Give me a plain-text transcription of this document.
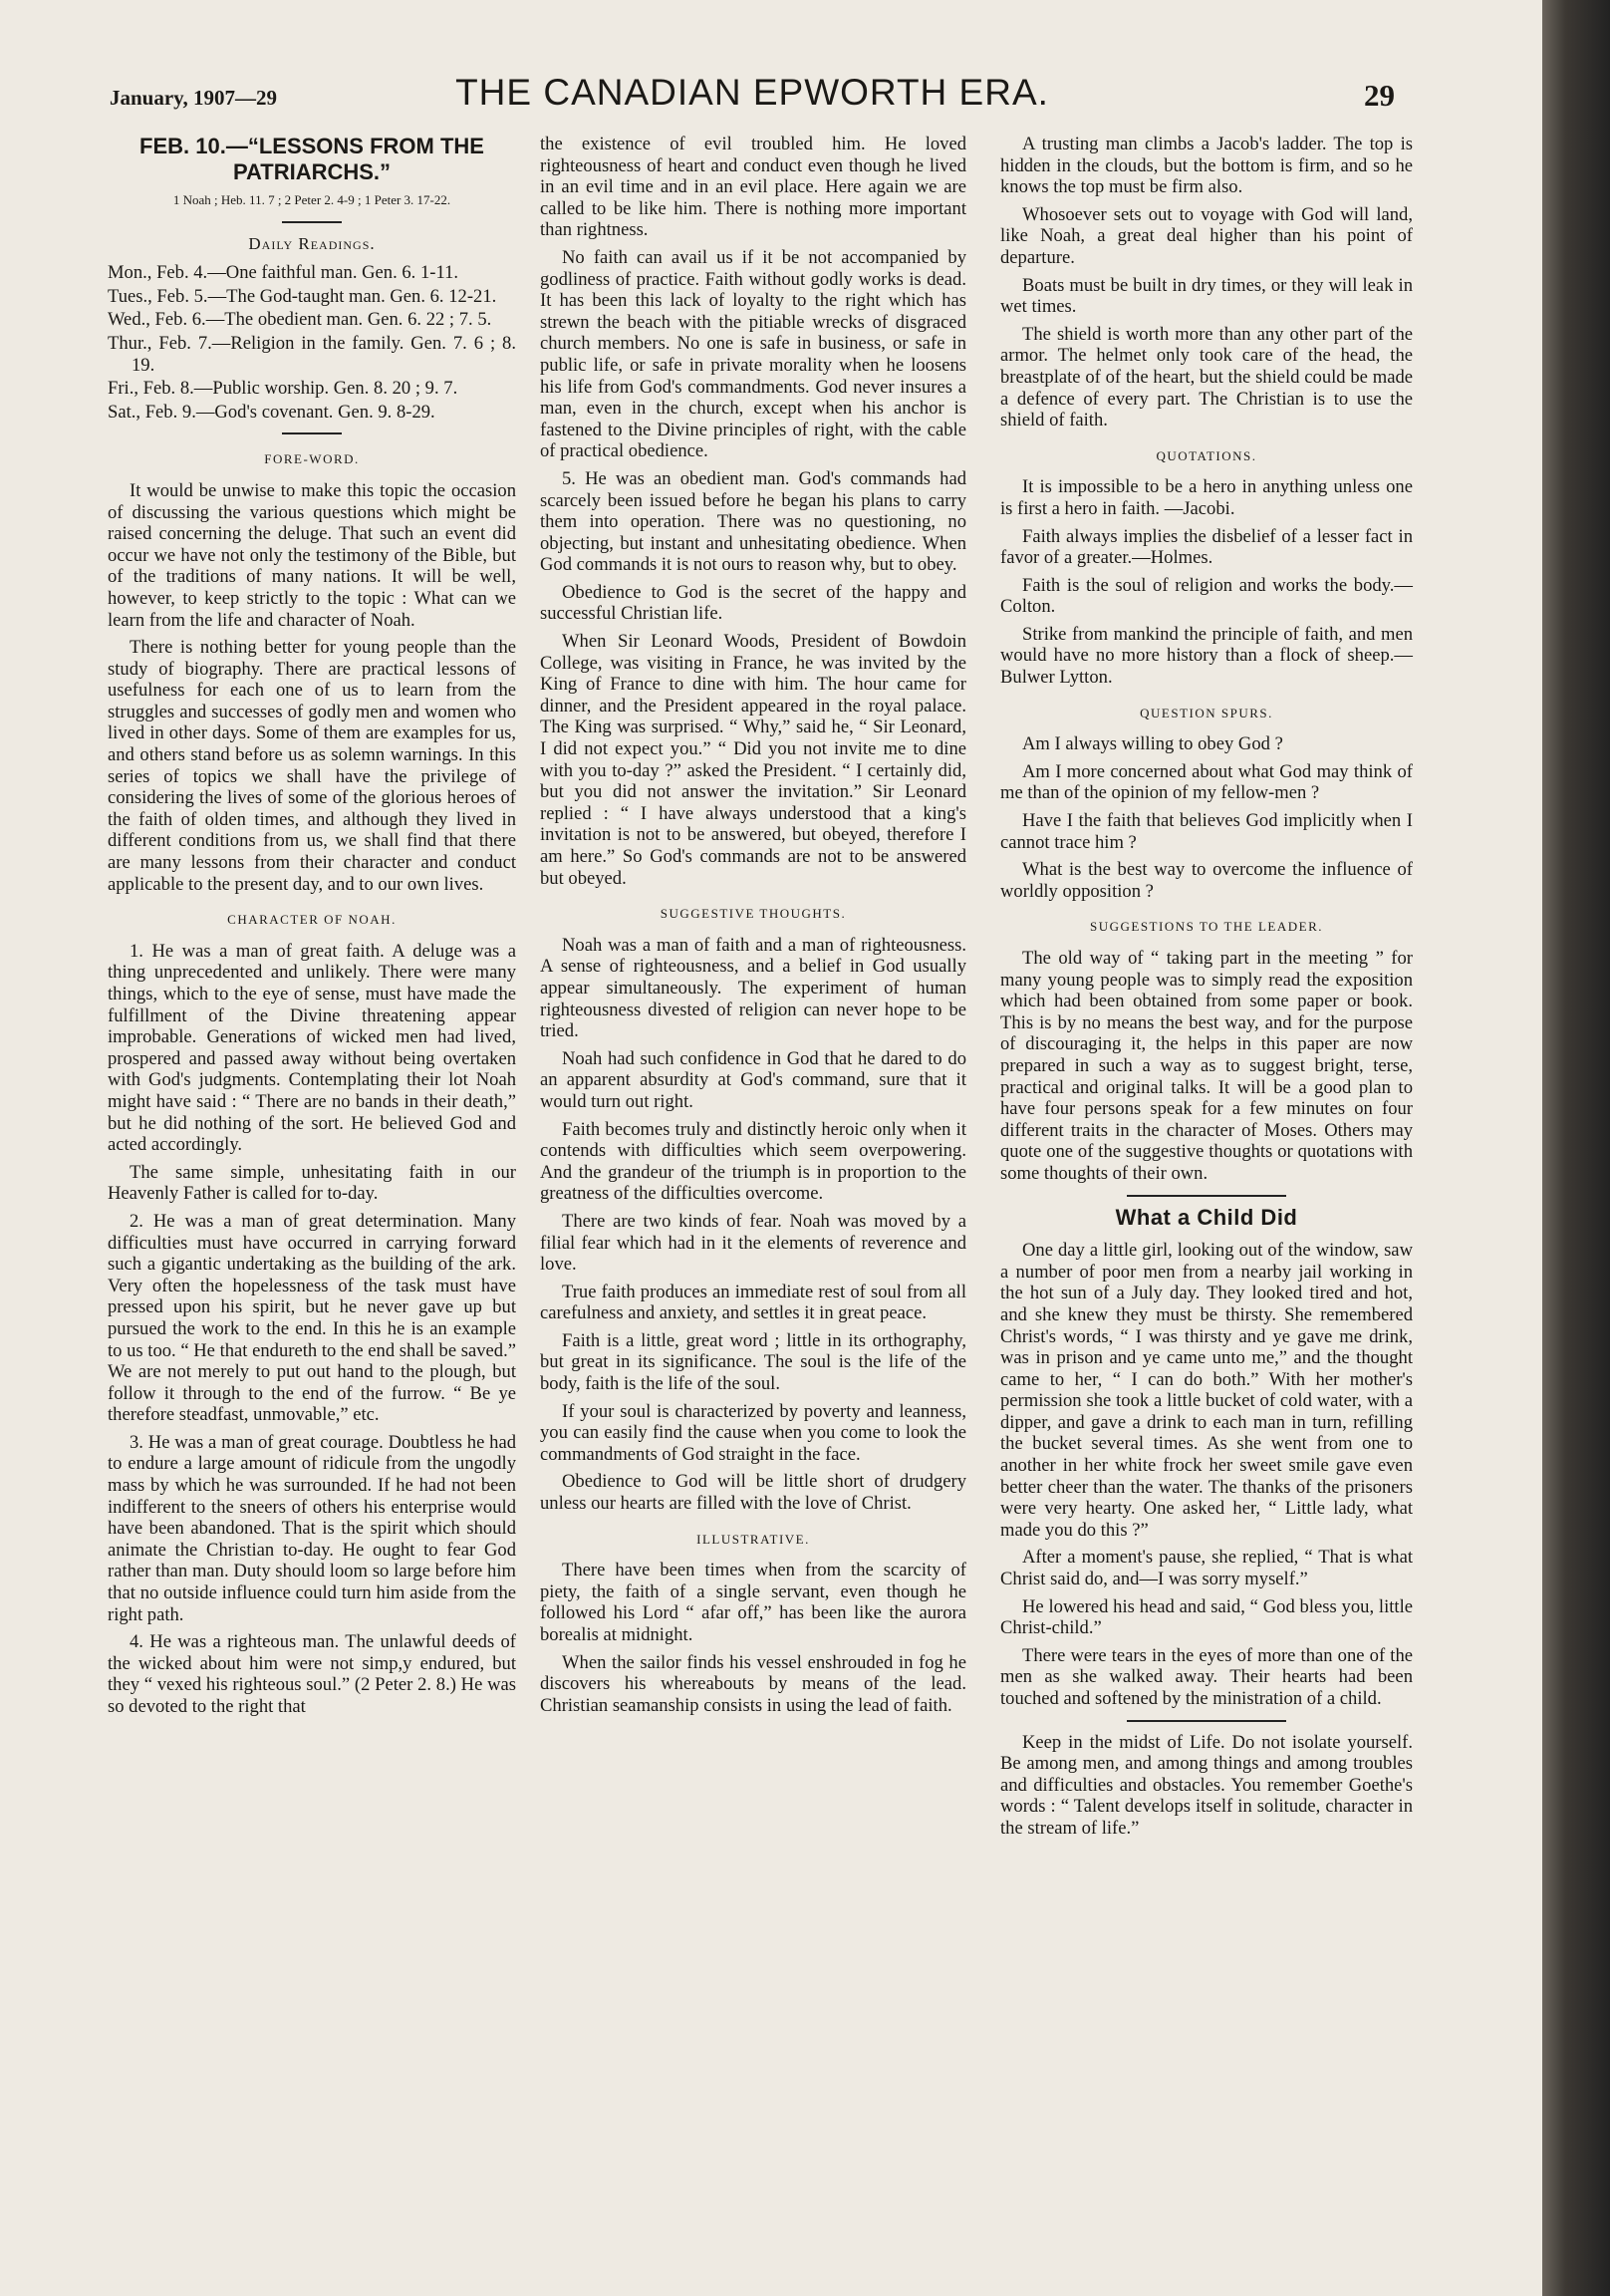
January, 1907—29	THE CANADIAN EPWORTH ERA.	29
FEB. 10.—“LESSONS FROM THE
PATRIARCHS.”
1 Noah ; Heb. 11. 7 ; 2 Peter 2. 4-9 ; 1 Peter 3. 17-22.
Daily Readings.
Mon., Feb. 4.—One faithful man. Gen. 6. 1-11.
Tues., Feb. 5.—The God-taught man. Gen. 6. 12-21.
Wed., Feb. 6.—The obedient man. Gen. 6. 22 ; 7. 5.
Thur., Feb. 7.—Religion in the family. Gen. 7. 6 ; 8. 19.
Fri., Feb. 8.—Public worship. Gen. 8. 20 ; 9. 7.
Sat., Feb. 9.—God's covenant. Gen. 9. 8-29.
FORE-WORD.

It would be unwise to make this topic the occasion of discussing the various questions which might be raised concerning the deluge. That such an event did occur we have not only the testimony of the Bible, but of the traditions of many nations. It will be well, however, to keep strictly to the topic : What can we learn from the life and character of Noah.

There is nothing better for young people than the study of biography. There are practical lessons of usefulness for each one of us to learn from the struggles and successes of godly men and women who lived in other days. Some of them are examples for us, and others stand before us as solemn warnings. In this series of topics we shall have the privilege of considering the lives of some of the glorious heroes of the faith of olden times, and although they lived in different conditions from us, we shall find that there are many lessons from their character and conduct applicable to the present day, and to our own lives.

CHARACTER OF NOAH.

1. He was a man of great faith. A deluge was a thing unprecedented and unlikely. There were many things, which to the eye of sense, must have made the fulfillment of the Divine threatening appear improbable. Generations of wicked men had lived, prospered and passed away without being overtaken with God's judgments. Contemplating their lot Noah might have said : “ There are no bands in their death,” but he did nothing of the sort. He believed God and acted accordingly.

The same simple, unhesitating faith in our Heavenly Father is called for to-day.

2. He was a man of great determination. Many difficulties must have occurred in carrying forward such a gigantic undertaking as the building of the ark. Very often the hopelessness of the task must have pressed upon his spirit, but he never gave up but pursued the work to the end. In this he is an example to us too. “ He that endureth to the end shall be saved.” We are not merely to put out hand to the plough, but follow it through to the end of the furrow. “ Be ye therefore steadfast, unmovable,” etc.

3. He was a man of great courage. Doubtless he had to endure a large amount of ridicule from the ungodly mass by which he was surrounded. If he had not been indifferent to the sneers of others his enterprise would have been abandoned. That is the spirit which should animate the Christian to-day. He ought to fear God rather than man. Duty should loom so large before him that no outside influence could turn him aside from the right path.

4. He was a righteous man. The unlawful deeds of the wicked about him were not simp,y endured, but they “ vexed his righteous soul.” (2 Peter 2. 8.) He was so devoted to the right that

the existence of evil troubled him. He loved righteousness of heart and conduct even though he lived in an evil time and in an evil place. Here again we are called to be like him. There is nothing more important than rightness.

No faith can avail us if it be not accompanied by godliness of practice. Faith without godly works is dead. It has been this lack of loyalty to the right which has strewn the beach with the pitiable wrecks of disgraced church members. No one is safe in business, or safe in public life, or safe in private morality when he loosens his life from God's commandments. God never insures a man, even in the church, except when his anchor is fastened to the Divine principles of right, with the cable of practical obedience.

5. He was an obedient man. God's commands had scarcely been issued before he began his plans to carry them into operation. There was no questioning, no objecting, but instant and unhesitating obedience. When God commands it is not ours to reason why, but to obey.

Obedience to God is the secret of the happy and successful Christian life.

When Sir Leonard Woods, President of Bowdoin College, was visiting in France, he was invited by the King of France to dine with him. The hour came for dinner, and the President appeared in the royal palace. The King was surprised. “ Why,” said he, “ Sir Leonard, I did not expect you.” “ Did you not invite me to dine with you to-day ?” asked the President. “ I certainly did, but you did not answer the invitation.” Sir Leonard replied : “ I have always understood that a king's invitation is not to be answered, but obeyed, therefore I am here.” So God's commands are not to be answered but obeyed.

SUGGESTIVE THOUGHTS.

Noah was a man of faith and a man of righteousness. A sense of righteousness, and a belief in God usually appear simultaneously. The experiment of human righteousness divested of religion can never hope to be tried.

Noah had such confidence in God that he dared to do an apparent absurdity at God's command, sure that it would turn out right.

Faith becomes truly and distinctly heroic only when it contends with difficulties which seem overpowering. And the grandeur of the triumph is in proportion to the greatness of the difficulties overcome.

There are two kinds of fear. Noah was moved by a filial fear which had in it the elements of reverence and love.

True faith produces an immediate rest of soul from all carefulness and anxiety, and settles it in great peace.

Faith is a little, great word ; little in its orthography, but great in its significance. The soul is the life of the body, faith is the life of the soul.

If your soul is characterized by poverty and leanness, you can easily find the cause when you come to look the commandments of God straight in the face.

Obedience to God will be little short of drudgery unless our hearts are filled with the love of Christ.

ILLUSTRATIVE.

There have been times when from the scarcity of piety, the faith of a single servant, even though he followed his Lord “ afar off,” has been like the aurora borealis at midnight.

When the sailor finds his vessel enshrouded in fog he discovers his whereabouts by means of the lead. Christian seamanship consists in using the lead of faith.

A trusting man climbs a Jacob's ladder. The top is hidden in the clouds, but the bottom is firm, and so he knows the top must be firm also.

Whosoever sets out to voyage with God will land, like Noah, a great deal higher than his point of departure.

Boats must be built in dry times, or they will leak in wet times.

The shield is worth more than any other part of the armor. The helmet only took care of the head, the breastplate of of the heart, but the shield could be made a defence of every part. The Christian is to use the shield of faith.

QUOTATIONS.

It is impossible to be a hero in anything unless one is first a hero in faith. —Jacobi.

Faith always implies the disbelief of a lesser fact in favor of a greater.—Holmes.

Faith is the soul of religion and works the body.—Colton.

Strike from mankind the principle of faith, and men would have no more history than a flock of sheep.—Bulwer Lytton.

QUESTION SPURS.

Am I always willing to obey God ?

Am I more concerned about what God may think of me than of the opinion of my fellow-men ?

Have I the faith that believes God implicitly when I cannot trace him ?

What is the best way to overcome the influence of worldly opposition ?

SUGGESTIONS TO THE LEADER.

The old way of “ taking part in the meeting ” for many young people was to simply read the exposition which had been obtained from some paper or book. This is by no means the best way, and for the purpose of discouraging it, the helps in this paper are now prepared in such a way as to suggest bright, terse, practical and original talks. It will be a good plan to have four persons speak for a few minutes on four different traits in the character of Moses. Others may quote one of the suggestive thoughts or quotations with some thoughts of their own.

What a Child Did

One day a little girl, looking out of the window, saw a number of poor men from a nearby jail working in the hot sun of a July day. They looked tired and hot, and she knew they must be thirsty. She remembered Christ's words, “ I was thirsty and ye gave me drink, was in prison and ye came unto me,” and the thought came to her, “ I can do both.” With her mother's permission she took a little bucket of cold water, with a dipper, and gave a drink to each man in turn, refilling the bucket several times. As she went from one to another in her white frock her sweet smile gave even better cheer than the water. The thanks of the prisoners were very hearty. One asked her, “ Little lady, what made you do this ?”

After a moment's pause, she replied, “ That is what Christ said do, and—I was sorry myself.”

He lowered his head and said, “ God bless you, little Christ-child.”

There were tears in the eyes of more than one of the men as she walked away. Their hearts had been touched and softened by the ministration of a child.

Keep in the midst of Life. Do not isolate yourself. Be among men, and among things and among troubles and difficulties and obstacles. You remember Goethe's words : “ Talent develops itself in solitude, character in the stream of life.”
